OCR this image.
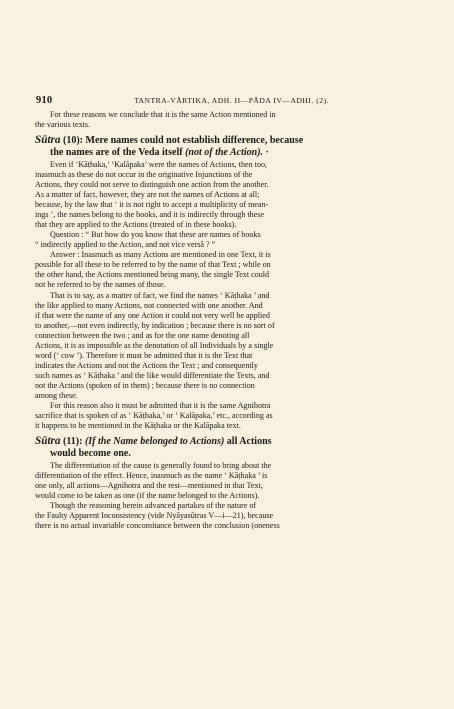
910	TANTRA-VĀRTIKA, ADH. II—PĀDA IV—ADHI. (2).

For these reasons we conclude that it is the same Action mentioned in
the various texts.

Sūtra (10): Mere names could not establish difference, because
the names are of the Veda itself (not of the Action). ·

Even if ‘Kāṭhaka,’ ‘Kalāpaka’ were the names of Actions, then too,
inasmuch as these do not occur in the originative Injunctions of the
Actions, they could not serve to distinguish one action from the another.
As a matter of fact, however, they are not the names of Actions at all;
because, by the law that ‘ it is not right to accept a multiplicity of mean-
ings ’, the names belong to the books, and it is indirectly through these
that they are applied to the Actions (treated of in these books).

Question : “ But how do you know that these are names of books
“ indirectly applied to the Action, and not vice versâ ? ”

Answer : Inasmuch as many Actions are mentioned in one Text, it is
possible for all these to be referred to by the name of that Text ; while on
the other hand, the Actions mentioned being many, the single Text could
not be referred to by the names of those.

That is to say, as a matter of fact, we find the names ‘ Kāṭhaka ’ and
the like applied to many Actions, not connected with one another. And
if that were the name of any one Action it could not very well be applied
to another,—not even indirectly, by indication ; because there is no sort of
connection between the two ; and as for the one name denoting all
Actions, it is as impossible as the denotation of all Individuals by a single
word (‘ cow ’). Therefore it must be admitted that it is the Text that
indicates the Actions and not the Actions the Text ; and consequently
such names as ‘ Kāṭhaka ’ and the like would differentiate the Texts, and
not the Actions (spoken of in them) ; because there is no connection
among these.

For this reason also it must be admitted that it is the same Agnihotra
sacrifice that is spoken of as ‘ Kāṭhaka,’ or ‘ Kalāpaka,’ etc., according as
it happens to be mentioned in the Kāṭhaka or the Kalāpaka text.

Sūtra (11): (If the Name belonged to Actions) all Actions
would become one.

The differentiation of the cause is generally found to bring about the
differentiation of the effect. Hence, inasmuch as the name ‘ Kāṭhaka ’ is
one only, all actions—Agnihotra and the rest—mentioned in that Text,
would come to be taken as one (if the name belonged to the Actions).

Though the reasoning herein advanced partakes of the nature of
the Faulty Apparent Inconsistency (vide Nyāyasūtras V—i—21), because
there is no actual invariable concomitance between the conclusion (oneness
